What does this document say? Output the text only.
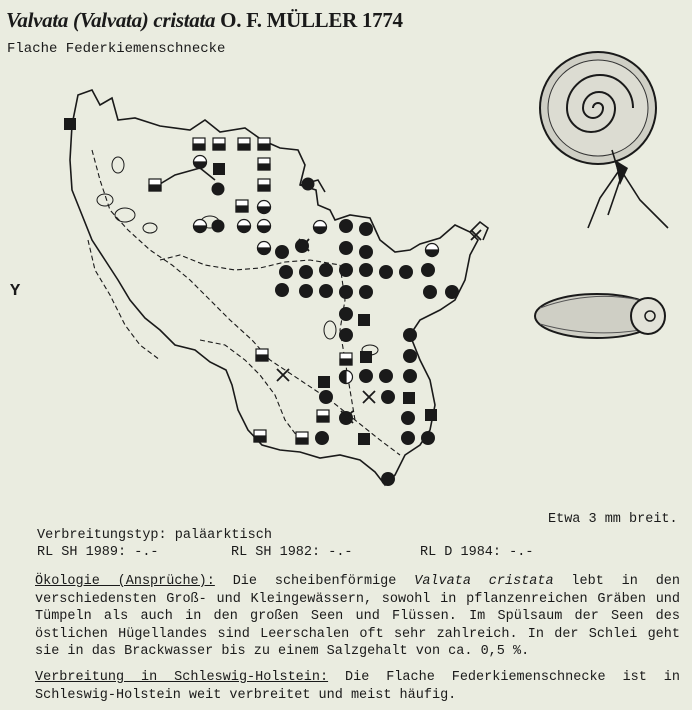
Valvata (Valvata) cristata O. F. MÜLLER 1774
Flache Federkiemenschnecke
Y
Etwa 3 mm breit.
Verbreitungstyp: paläarktisch
RL SH 1989: -.-	RL SH 1982: -.-	RL D 1984: -.-
Ökologie (Ansprüche): Die scheibenförmige Valvata cristata lebt in den verschiedensten Groß- und Kleingewässern, sowohl in pflanzenreichen Gräben und Tümpeln als auch in den großen Seen und Flüssen. Im Spülsaum der Seen des östlichen Hügellandes sind Leerschalen oft sehr zahlreich. In der Schlei geht sie in das Brackwasser bis zu einem Salzgehalt von ca. 0,5 %.
Verbreitung in Schleswig-Holstein: Die Flache Federkiemenschnecke ist in Schleswig-Holstein weit verbreitet und meist häufig.
